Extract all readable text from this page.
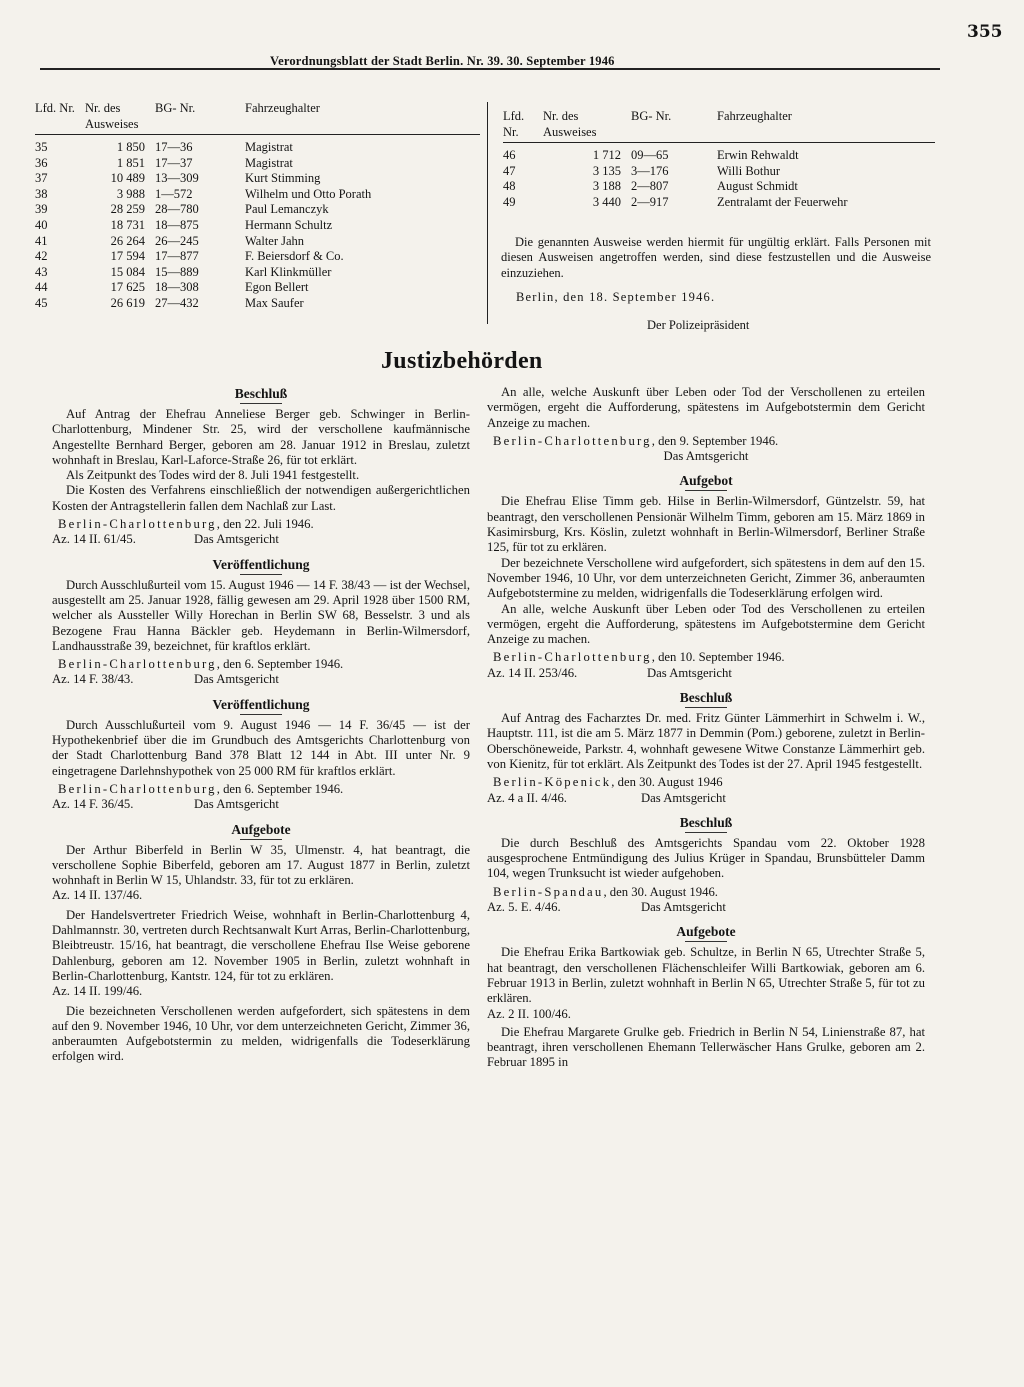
355
Verordnungsblatt der Stadt Berlin. Nr. 39. 30. September 1946
Lfd. Nr.	Nr. des Ausweises	BG- Nr.	Fahrzeughalter
35	1 850	17—36	Magistrat
36	1 851	17—37	Magistrat
37	10 489	13—309	Kurt Stimming
38	3 988	1—572	Wilhelm und Otto Porath
39	28 259	28—780	Paul Lemanczyk
40	18 731	18—875	Hermann Schultz
41	26 264	26—245	Walter Jahn
42	17 594	17—877	F. Beiersdorf & Co.
43	15 084	15—889	Karl Klinkmüller
44	17 625	18—308	Egon Bellert
45	26 619	27—432	Max Saufer
Lfd. Nr.	Nr. des Ausweises	BG- Nr.	Fahrzeughalter
46	1 712	09—65	Erwin Rehwaldt
47	3 135	3—176	Willi Bothur
48	3 188	2—807	August Schmidt
49	3 440	2—917	Zentralamt der Feuerwehr

Die genannten Ausweise werden hiermit für ungültig erklärt. Falls Personen mit diesen Ausweisen angetroffen werden, sind diese festzustellen und die Ausweise einzuziehen.

Berlin, den 18. September 1946.
Der Polizeipräsident
Justizbehörden
Beschluß

Auf Antrag der Ehefrau Anneliese Berger geb. Schwinger in Berlin-Charlottenburg, Mindener Str. 25, wird der verschollene kaufmännische Angestellte Bernhard Berger, geboren am 28. Januar 1912 in Breslau, zuletzt wohnhaft in Breslau, Karl-Laforce-Straße 26, für tot erklärt.

Als Zeitpunkt des Todes wird der 8. Juli 1941 festgestellt.

Die Kosten des Verfahrens einschließlich der notwendigen außergerichtlichen Kosten der Antragstellerin fallen dem Nachlaß zur Last.

Berlin-Charlottenburg, den 22. Juli 1946.

Az. 14 II. 61/45.	Das Amtsgericht

Veröffentlichung

Durch Ausschlußurteil vom 15. August 1946 — 14 F. 38/43 — ist der Wechsel, ausgestellt am 25. Januar 1928, fällig gewesen am 29. April 1928 über 1500 RM, welcher als Aussteller Willy Horechan in Berlin SW 68, Besselstr. 3 und als Bezogene Frau Hanna Bäckler geb. Heydemann in Berlin-Wilmersdorf, Landhausstraße 39, bezeichnet, für kraftlos erklärt.

Berlin-Charlottenburg, den 6. September 1946.

Az. 14 F. 38/43.	Das Amtsgericht

Veröffentlichung

Durch Ausschlußurteil vom 9. August 1946 — 14 F. 36/45 — ist der Hypothekenbrief über die im Grundbuch des Amtsgerichts Charlottenburg von der Stadt Charlottenburg Band 378 Blatt 12 144 in Abt. III unter Nr. 9 eingetragene Darlehnshypothek von 25 000 RM für kraftlos erklärt.

Berlin-Charlottenburg, den 6. September 1946.

Az. 14 F. 36/45.	Das Amtsgericht

Aufgebote

Der Arthur Biberfeld in Berlin W 35, Ulmenstr. 4, hat beantragt, die verschollene Sophie Biberfeld, geboren am 17. August 1877 in Berlin, zuletzt wohnhaft in Berlin W 15, Uhlandstr. 33, für tot zu erklären.

Az. 14 II. 137/46.

Der Handelsvertreter Friedrich Weise, wohnhaft in Berlin-Charlottenburg 4, Dahlmannstr. 30, vertreten durch Rechtsanwalt Kurt Arras, Berlin-Charlottenburg, Bleibtreustr. 15/16, hat beantragt, die verschollene Ehefrau Ilse Weise geborene Dahlenburg, geboren am 12. November 1905 in Berlin, zuletzt wohnhaft in Berlin-Charlottenburg, Kantstr. 124, für tot zu erklären.

Az. 14 II. 199/46.

Die bezeichneten Verschollenen werden aufgefordert, sich spätestens in dem auf den 9. November 1946, 10 Uhr, vor dem unterzeichneten Gericht, Zimmer 36, anberaumten Aufgebotstermin zu melden, widrigenfalls die Todeserklärung erfolgen wird.

An alle, welche Auskunft über Leben oder Tod der Verschollenen zu erteilen vermögen, ergeht die Aufforderung, spätestens im Aufgebotstermin dem Gericht Anzeige zu machen.

Berlin-Charlottenburg, den 9. September 1946.

Das Amtsgericht

Aufgebot

Die Ehefrau Elise Timm geb. Hilse in Berlin-Wilmersdorf, Güntzelstr. 59, hat beantragt, den verschollenen Pensionär Wilhelm Timm, geboren am 15. März 1869 in Kasimirsburg, Krs. Köslin, zuletzt wohnhaft in Berlin-Wilmersdorf, Berliner Straße 125, für tot zu erklären.

Der bezeichnete Verschollene wird aufgefordert, sich spätestens in dem auf den 15. November 1946, 10 Uhr, vor dem unterzeichneten Gericht, Zimmer 36, anberaumten Aufgebotstermine zu melden, widrigenfalls die Todeserklärung erfolgen wird.

An alle, welche Auskunft über Leben oder Tod des Verschollenen zu erteilen vermögen, ergeht die Aufforderung, spätestens im Aufgebotstermine dem Gericht Anzeige zu machen.

Berlin-Charlottenburg, den 10. September 1946.

Az. 14 II. 253/46.	Das Amtsgericht

Beschluß

Auf Antrag des Facharztes Dr. med. Fritz Günter Lämmerhirt in Schwelm i. W., Hauptstr. 111, ist die am 5. März 1877 in Demmin (Pom.) geborene, zuletzt in Berlin-Oberschöneweide, Parkstr. 4, wohnhaft gewesene Witwe Constanze Lämmerhirt geb. von Kienitz, für tot erklärt. Als Zeitpunkt des Todes ist der 27. April 1945 festgestellt.

Berlin-Köpenick, den 30. August 1946

Az. 4 a II. 4/46.	Das Amtsgericht

Beschluß

Die durch Beschluß des Amtsgerichts Spandau vom 22. Oktober 1928 ausgesprochene Entmündigung des Julius Krüger in Spandau, Brunsbütteler Damm 104, wegen Trunksucht ist wieder aufgehoben.

Berlin-Spandau, den 30. August 1946.

Az. 5. E. 4/46.	Das Amtsgericht

Aufgebote

Die Ehefrau Erika Bartkowiak geb. Schultze, in Berlin N 65, Utrechter Straße 5, hat beantragt, den verschollenen Flächenschleifer Willi Bartkowiak, geboren am 6. Februar 1913 in Berlin, zuletzt wohnhaft in Berlin N 65, Utrechter Straße 5, für tot zu erklären.

Az. 2 II. 100/46.

Die Ehefrau Margarete Grulke geb. Friedrich in Berlin N 54, Linienstraße 87, hat beantragt, ihren verschollenen Ehemann Tellerwäscher Hans Grulke, geboren am 2. Februar 1895 in
